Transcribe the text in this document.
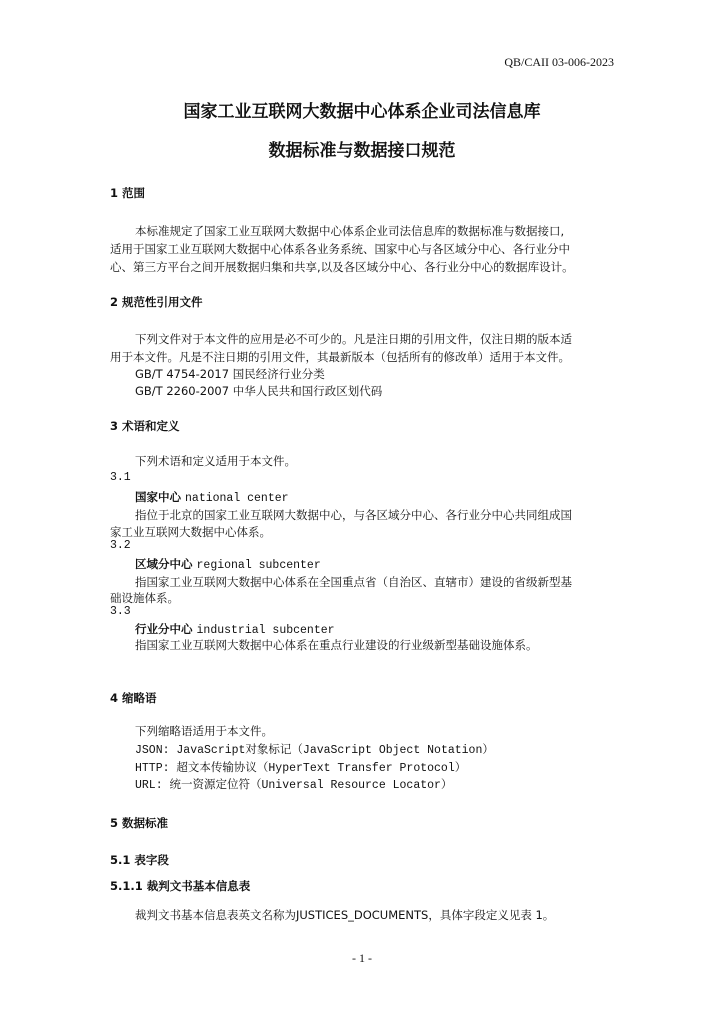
QB/CAII 03-006-2023
国家工业互联网大数据中心体系企业司法信息库
数据标准与数据接口规范
1 范围
本标准规定了国家工业互联网大数据中心体系企业司法信息库的数据标准与数据接口,
适用于国家工业互联网大数据中心体系各业务系统、国家中心与各区域分中心、各行业分中
心、第三方平台之间开展数据归集和共享,以及各区域分中心、各行业分中心的数据库设计。
2 规范性引用文件
下列文件对于本文件的应用是必不可少的。凡是注日期的引用文件，仅注日期的版本适
用于本文件。凡是不注日期的引用文件，其最新版本（包括所有的修改单）适用于本文件。
GB/T 4754-2017 国民经济行业分类
GB/T 2260-2007 中华人民共和国行政区划代码
3 术语和定义
下列术语和定义适用于本文件。
3.1
国家中心 national center
指位于北京的国家工业互联网大数据中心，与各区域分中心、各行业分中心共同组成国
家工业互联网大数据中心体系。
3.2
区域分中心 regional subcenter
指国家工业互联网大数据中心体系在全国重点省（自治区、直辖市）建设的省级新型基
础设施体系。
3.3
行业分中心 industrial subcenter
指国家工业互联网大数据中心体系在重点行业建设的行业级新型基础设施体系。
4 缩略语
下列缩略语适用于本文件。
JSON: JavaScript对象标记（JavaScript Object Notation）
HTTP: 超文本传输协议（HyperText Transfer Protocol）
URL: 统一资源定位符（Universal Resource Locator）
5 数据标准
5.1 表字段
5.1.1 裁判文书基本信息表
裁判文书基本信息表英文名称为JUSTICES_DOCUMENTS，具体字段定义见表 1。
- 1 -
